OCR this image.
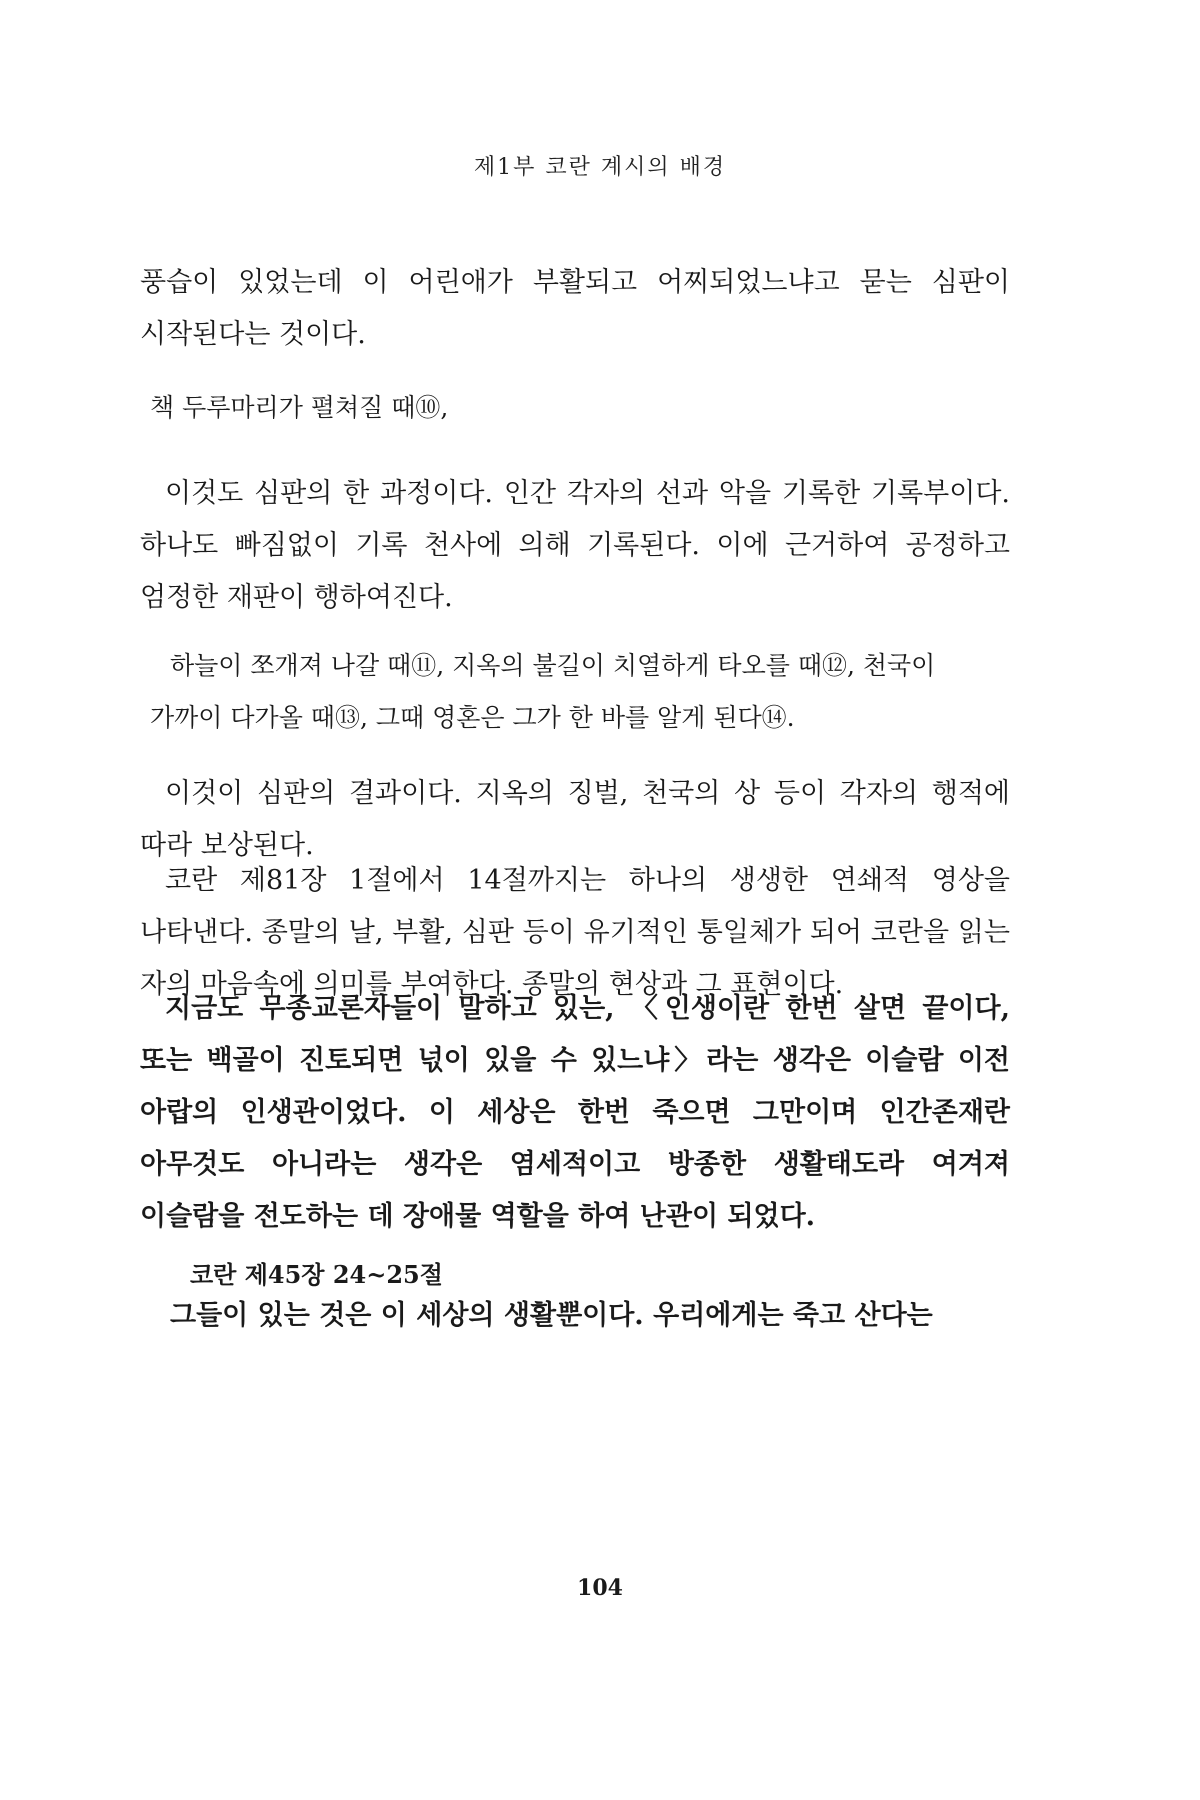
제1부 코란 계시의 배경
풍습이 있었는데 이 어린애가 부활되고 어찌되었느냐고 묻는 심판이 시작된다는 것이다.
책 두루마리가 펼쳐질 때⑩,
이것도 심판의 한 과정이다. 인간 각자의 선과 악을 기록한 기록부이다. 하나도 빠짐없이 기록 천사에 의해 기록된다. 이에 근거하여 공정하고 엄정한 재판이 행하여진다.
하늘이 쪼개져 나갈 때⑪, 지옥의 불길이 치열하게 타오를 때⑫, 천국이 가까이 다가올 때⑬, 그때 영혼은 그가 한 바를 알게 된다⑭.
이것이 심판의 결과이다. 지옥의 징벌, 천국의 상 등이 각자의 행적에 따라 보상된다.
코란 제81장 1절에서 14절까지는 하나의 생생한 연쇄적 영상을 나타낸다. 종말의 날, 부활, 심판 등이 유기적인 통일체가 되어 코란을 읽는 자의 마음속에 의미를 부여한다. 종말의 현상과 그 표현이다.
지금도 무종교론자들이 말하고 있는, 〈인생이란 한번 살면 끝이다, 또는 백골이 진토되면 넋이 있을 수 있느냐〉라는 생각은 이슬람 이전 아랍의 인생관이었다. 이 세상은 한번 죽으면 그만이며 인간존재란 아무것도 아니라는 생각은 염세적이고 방종한 생활태도라 여겨져 이슬람을 전도하는 데 장애물 역할을 하여 난관이 되었다.
코란 제45장 24~25절
그들이 있는 것은 이 세상의 생활뿐이다. 우리에게는 죽고 산다는
104
